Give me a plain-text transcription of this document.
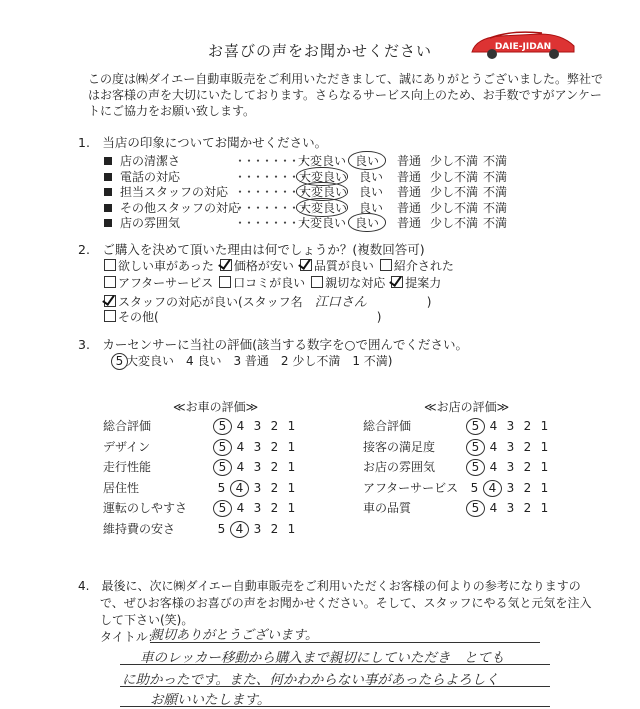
お喜びの声をお聞かせください	DAIE-JIDAN
この度は㈱ダイエー自動車販売をご利用いただきまして、誠にありがとうございました。弊社で
はお客様の声を大切にいたしております。さらなるサービス向上のため、お手数ですがアンケー
トにご協力をお願い致します。
1.　当店の印象についてお聞かせください。
店の清潔さ	・・・・・・・・大変良い 良い 普通 少し不満 不満
電話の対応	・・・・・・・・大変良い 良い 普通 少し不満 不満
担当スタッフの対応 ・・・・・・・・大変良い 良い 普通 少し不満 不満
その他スタッフの対応・・・・・・・・大変良い 良い 普通 少し不満 不満
店の雰囲気	・・・・・・・・大変良い 良い 普通 少し不満 不満
2.　ご購入を決めて頂いた理由は何でしょうか？(複数回答可)
欲しい車があった 価格が安い 品質が良い 紹介された
アフターサービス 口コミが良い 親切な対応 提案力
スタッフの対応が良い(スタッフ名 江口さん	)
その他(	)
3.　カーセンサーに当社の評価(該当する数字を○で囲んでください。
5 大変良い　4 良い　3 普通　2 少し不満　1 不満)
≪お車の評価≫	≪お店の評価≫
総合評価	5 4 3 2 1
デザイン	5 4 3 2 1
走行性能	5 4 3 2 1
居住性	5 4 3 2 1
運転のしやすさ	5 4 3 2 1
維持費の安さ	5 4 3 2 1
総合評価	5 4 3 2 1
接客の満足度	5 4 3 2 1
お店の雰囲気	5 4 3 2 1
アフターサービス 5 4 3 2 1
車の品質	5 4 3 2 1
4.　最後に、次に㈱ダイエー自動車販売をご利用いただくお客様の何よりの参考になりますの
で、ぜひお客様のお喜びの声をお聞かせください。そして、スタッフにやる気と元気を注入
して下さい(笑)。
タイトル：
親切ありがとうございます。
車のレッカー移動から購入まで親切にしていただき　とても
に助かったです。また、何かわからない事があったらよろしく
お願いいたします。
